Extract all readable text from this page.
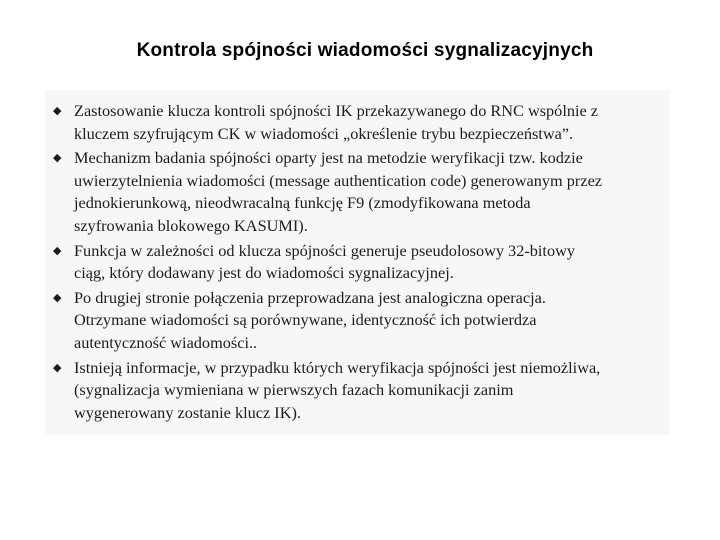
Kontrola spójności wiadomości sygnalizacyjnych
◆ Zastosowanie klucza kontroli spójności IK przekazywanego do RNC wspólnie z
kluczem szyfrującym CK w wiadomości „określenie trybu bezpieczeństwa”.
◆ Mechanizm badania spójności oparty jest na metodzie weryfikacji tzw. kodzie
uwierzytelnienia wiadomości (message authentication code) generowanym przez
jednokierunkową, nieodwracalną funkcję F9 (zmodyfikowana metoda
szyfrowania blokowego KASUMI).
◆ Funkcja w zależności od klucza spójności generuje pseudolosowy 32-bitowy
ciąg, który dodawany jest do wiadomości sygnalizacyjnej.
◆ Po drugiej stronie połączenia przeprowadzana jest analogiczna operacja.
Otrzymane wiadomości są porównywane, identyczność ich potwierdza
autentyczność wiadomości..
◆ Istnieją informacje, w przypadku których weryfikacja spójności jest niemożliwa,
(sygnalizacja wymieniana w pierwszych fazach komunikacji zanim
wygenerowany zostanie klucz IK).
